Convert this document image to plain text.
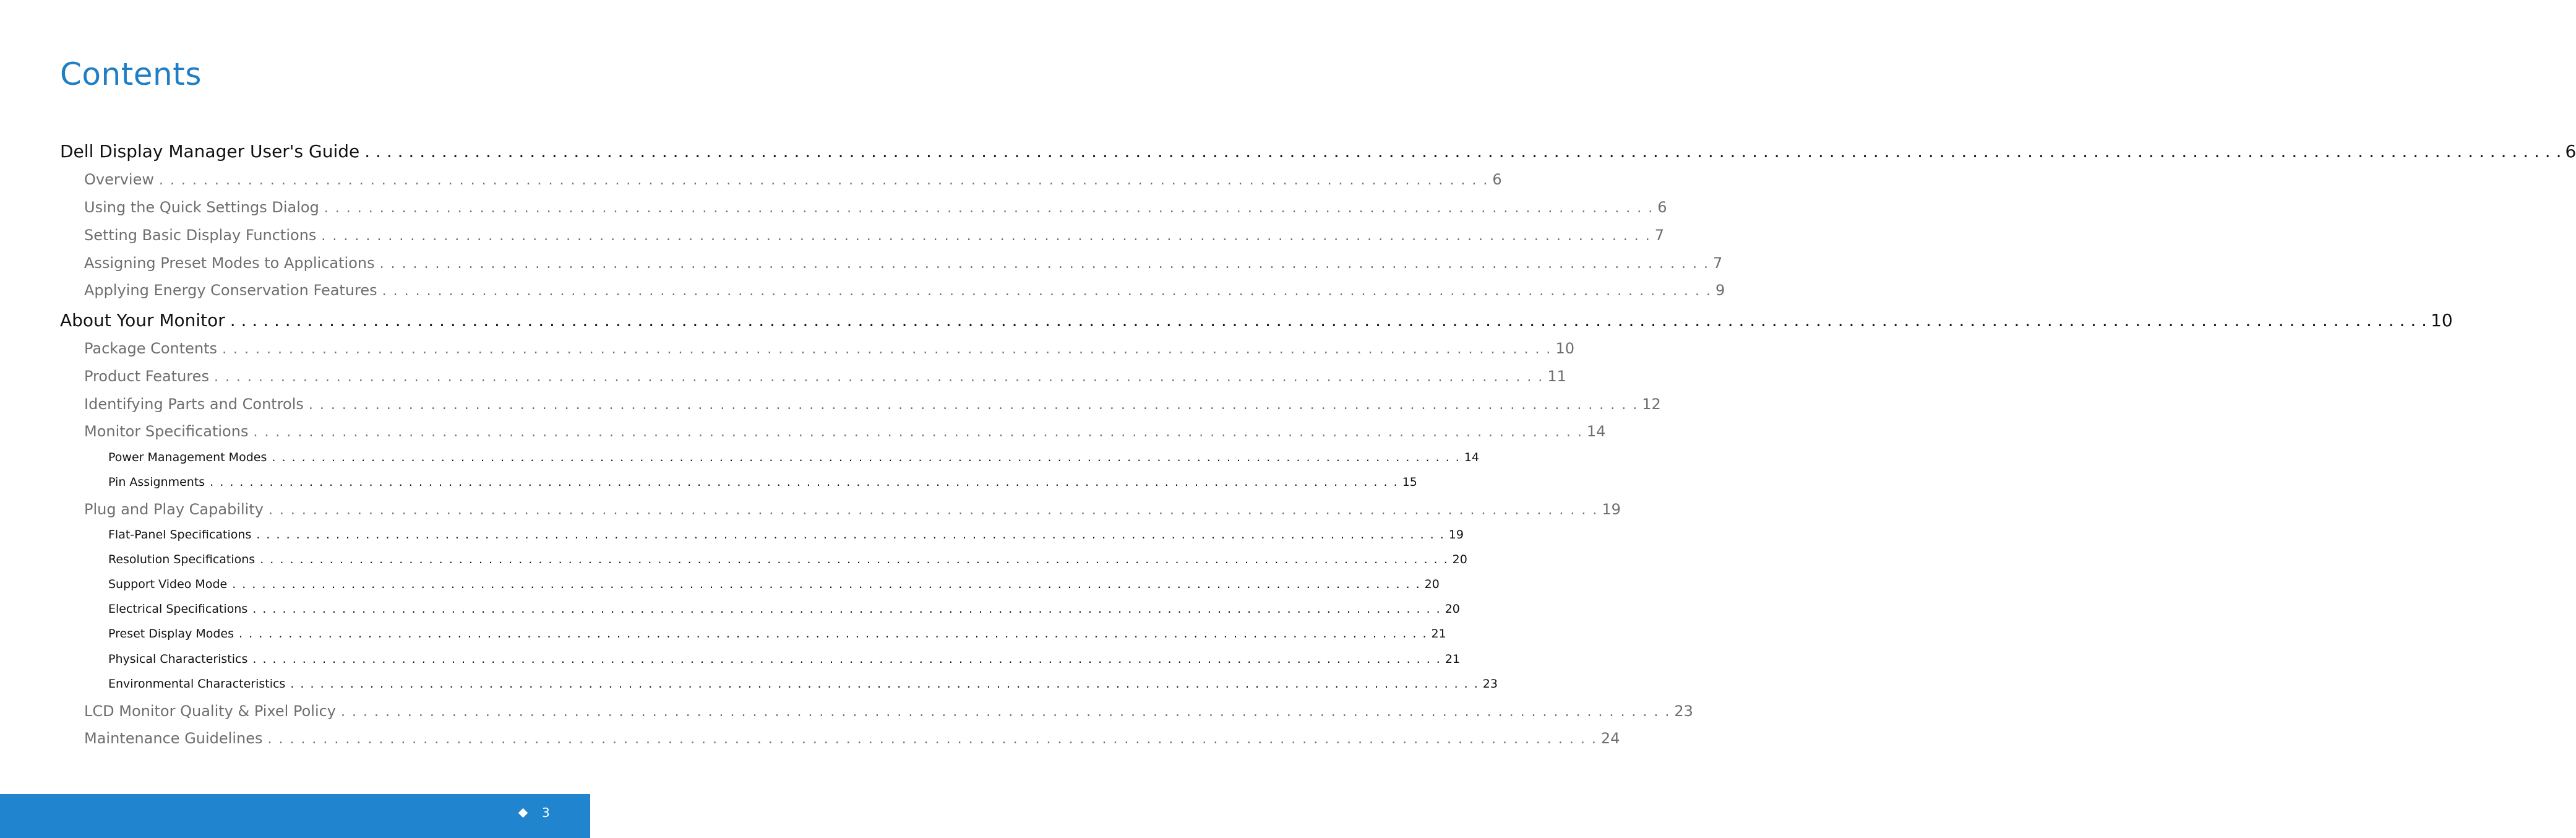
Contents
Dell Display Manager User's Guide . . . . . . . . . . . . . . . . . . . . . . . . . . . . . . . . . . . . . . . . . . . . . . . . . . . . . . . . . . . . . . . . . . . . . . . . . . . . . . . . . . . . . . . . . . . . . . . . . . . . . . . . . . . . . . . . . . . . . . . . . . . . . . . . . . . . . . . . . . . . . . . . . . . . . . . . . . . . . . . . . . . . . . . . . . . . . . . . . . . . . . . . . . . . . . . . . . . . . . . . 6
Overview . . . . . . . . . . . . . . . . . . . . . . . . . . . . . . . . . . . . . . . . . . . . . . . . . . . . . . . . . . . . . . . . . . . . . . . . . . . . . . . . . . . . . . . . . . . . . . . . . . . . . . . . . . . . . . . . . . . . . . . . 6
Using the Quick Settings Dialog . . . . . . . . . . . . . . . . . . . . . . . . . . . . . . . . . . . . . . . . . . . . . . . . . . . . . . . . . . . . . . . . . . . . . . . . . . . . . . . . . . . . . . . . . . . . . . . . . . . . . . . . . . . . . . . . . . . . . . . . 6
Setting Basic Display Functions . . . . . . . . . . . . . . . . . . . . . . . . . . . . . . . . . . . . . . . . . . . . . . . . . . . . . . . . . . . . . . . . . . . . . . . . . . . . . . . . . . . . . . . . . . . . . . . . . . . . . . . . . . . . . . . . . . . . . . . . 7
Assigning Preset Modes to Applications . . . . . . . . . . . . . . . . . . . . . . . . . . . . . . . . . . . . . . . . . . . . . . . . . . . . . . . . . . . . . . . . . . . . . . . . . . . . . . . . . . . . . . . . . . . . . . . . . . . . . . . . . . . . . . . . . . . . . . . . 7
Applying Energy Conservation Features . . . . . . . . . . . . . . . . . . . . . . . . . . . . . . . . . . . . . . . . . . . . . . . . . . . . . . . . . . . . . . . . . . . . . . . . . . . . . . . . . . . . . . . . . . . . . . . . . . . . . . . . . . . . . . . . . . . . . . . . 9
About Your Monitor . . . . . . . . . . . . . . . . . . . . . . . . . . . . . . . . . . . . . . . . . . . . . . . . . . . . . . . . . . . . . . . . . . . . . . . . . . . . . . . . . . . . . . . . . . . . . . . . . . . . . . . . . . . . . . . . . . . . . . . . . . . . . . . . . . . . . . . . . . . . . . . . . . . . . . . . . . . . . . . . . . . . . . . . . . . . . . . . . . . . . . . . . . . . . . . . . . . . . . . . 10
Package Contents . . . . . . . . . . . . . . . . . . . . . . . . . . . . . . . . . . . . . . . . . . . . . . . . . . . . . . . . . . . . . . . . . . . . . . . . . . . . . . . . . . . . . . . . . . . . . . . . . . . . . . . . . . . . . . . . . . . . . . . . 10
Product Features . . . . . . . . . . . . . . . . . . . . . . . . . . . . . . . . . . . . . . . . . . . . . . . . . . . . . . . . . . . . . . . . . . . . . . . . . . . . . . . . . . . . . . . . . . . . . . . . . . . . . . . . . . . . . . . . . . . . . . . . 11
Identifying Parts and Controls . . . . . . . . . . . . . . . . . . . . . . . . . . . . . . . . . . . . . . . . . . . . . . . . . . . . . . . . . . . . . . . . . . . . . . . . . . . . . . . . . . . . . . . . . . . . . . . . . . . . . . . . . . . . . . . . . . . . . . . . 12
Monitor Specifications . . . . . . . . . . . . . . . . . . . . . . . . . . . . . . . . . . . . . . . . . . . . . . . . . . . . . . . . . . . . . . . . . . . . . . . . . . . . . . . . . . . . . . . . . . . . . . . . . . . . . . . . . . . . . . . . . . . . . . . . 14
Power Management Modes . . . . . . . . . . . . . . . . . . . . . . . . . . . . . . . . . . . . . . . . . . . . . . . . . . . . . . . . . . . . . . . . . . . . . . . . . . . . . . . . . . . . . . . . . . . . . . . . . . . . . . . . . . . . . . . . . . . . . . . . 14
Pin Assignments . . . . . . . . . . . . . . . . . . . . . . . . . . . . . . . . . . . . . . . . . . . . . . . . . . . . . . . . . . . . . . . . . . . . . . . . . . . . . . . . . . . . . . . . . . . . . . . . . . . . . . . . . . . . . . . . . . . . . . . . 15
Plug and Play Capability . . . . . . . . . . . . . . . . . . . . . . . . . . . . . . . . . . . . . . . . . . . . . . . . . . . . . . . . . . . . . . . . . . . . . . . . . . . . . . . . . . . . . . . . . . . . . . . . . . . . . . . . . . . . . . . . . . . . . . . . 19
Flat-Panel Specifications . . . . . . . . . . . . . . . . . . . . . . . . . . . . . . . . . . . . . . . . . . . . . . . . . . . . . . . . . . . . . . . . . . . . . . . . . . . . . . . . . . . . . . . . . . . . . . . . . . . . . . . . . . . . . . . . . . . . . . . . 19
Resolution Specifications . . . . . . . . . . . . . . . . . . . . . . . . . . . . . . . . . . . . . . . . . . . . . . . . . . . . . . . . . . . . . . . . . . . . . . . . . . . . . . . . . . . . . . . . . . . . . . . . . . . . . . . . . . . . . . . . . . . . . . . . 20
Support Video Mode . . . . . . . . . . . . . . . . . . . . . . . . . . . . . . . . . . . . . . . . . . . . . . . . . . . . . . . . . . . . . . . . . . . . . . . . . . . . . . . . . . . . . . . . . . . . . . . . . . . . . . . . . . . . . . . . . . . . . . . . 20
Electrical Specifications . . . . . . . . . . . . . . . . . . . . . . . . . . . . . . . . . . . . . . . . . . . . . . . . . . . . . . . . . . . . . . . . . . . . . . . . . . . . . . . . . . . . . . . . . . . . . . . . . . . . . . . . . . . . . . . . . . . . . . . . 20
Preset Display Modes . . . . . . . . . . . . . . . . . . . . . . . . . . . . . . . . . . . . . . . . . . . . . . . . . . . . . . . . . . . . . . . . . . . . . . . . . . . . . . . . . . . . . . . . . . . . . . . . . . . . . . . . . . . . . . . . . . . . . . . . 21
Physical Characteristics . . . . . . . . . . . . . . . . . . . . . . . . . . . . . . . . . . . . . . . . . . . . . . . . . . . . . . . . . . . . . . . . . . . . . . . . . . . . . . . . . . . . . . . . . . . . . . . . . . . . . . . . . . . . . . . . . . . . . . . . 21
Environmental Characteristics . . . . . . . . . . . . . . . . . . . . . . . . . . . . . . . . . . . . . . . . . . . . . . . . . . . . . . . . . . . . . . . . . . . . . . . . . . . . . . . . . . . . . . . . . . . . . . . . . . . . . . . . . . . . . . . . . . . . . . . . 23
LCD Monitor Quality & Pixel Policy . . . . . . . . . . . . . . . . . . . . . . . . . . . . . . . . . . . . . . . . . . . . . . . . . . . . . . . . . . . . . . . . . . . . . . . . . . . . . . . . . . . . . . . . . . . . . . . . . . . . . . . . . . . . . . . . . . . . . . . . 23
Maintenance Guidelines . . . . . . . . . . . . . . . . . . . . . . . . . . . . . . . . . . . . . . . . . . . . . . . . . . . . . . . . . . . . . . . . . . . . . . . . . . . . . . . . . . . . . . . . . . . . . . . . . . . . . . . . . . . . . . . . . . . . . . . . 24
3
